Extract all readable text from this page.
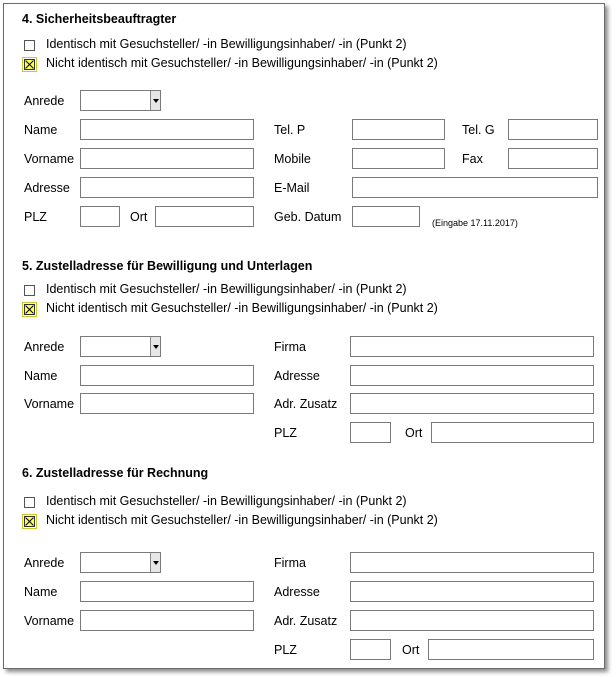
4. Sicherheitsbeauftragter
Identisch mit Gesuchsteller/ -in Bewilligungsinhaber/ -in (Punkt 2)
Nicht identisch mit Gesuchsteller/ -in Bewilligungsinhaber/ -in (Punkt 2)
Anrede
Name	Tel. P	Tel. G
Vorname	Mobile	Fax
Adresse	E-Mail
PLZ	Ort	Geb. Datum	(Eingabe 17.11.2017)
5. Zustelladresse für Bewilligung und Unterlagen
Identisch mit Gesuchsteller/ -in Bewilligungsinhaber/ -in (Punkt 2)
Nicht identisch mit Gesuchsteller/ -in Bewilligungsinhaber/ -in (Punkt 2)
Anrede	Firma
Name	Adresse
Vorname	Adr. Zusatz
PLZ	Ort
6. Zustelladresse für Rechnung
Identisch mit Gesuchsteller/ -in Bewilligungsinhaber/ -in (Punkt 2)
Nicht identisch mit Gesuchsteller/ -in Bewilligungsinhaber/ -in (Punkt 2)
Anrede	Firma
Name	Adresse
Vorname	Adr. Zusatz
PLZ	Ort
